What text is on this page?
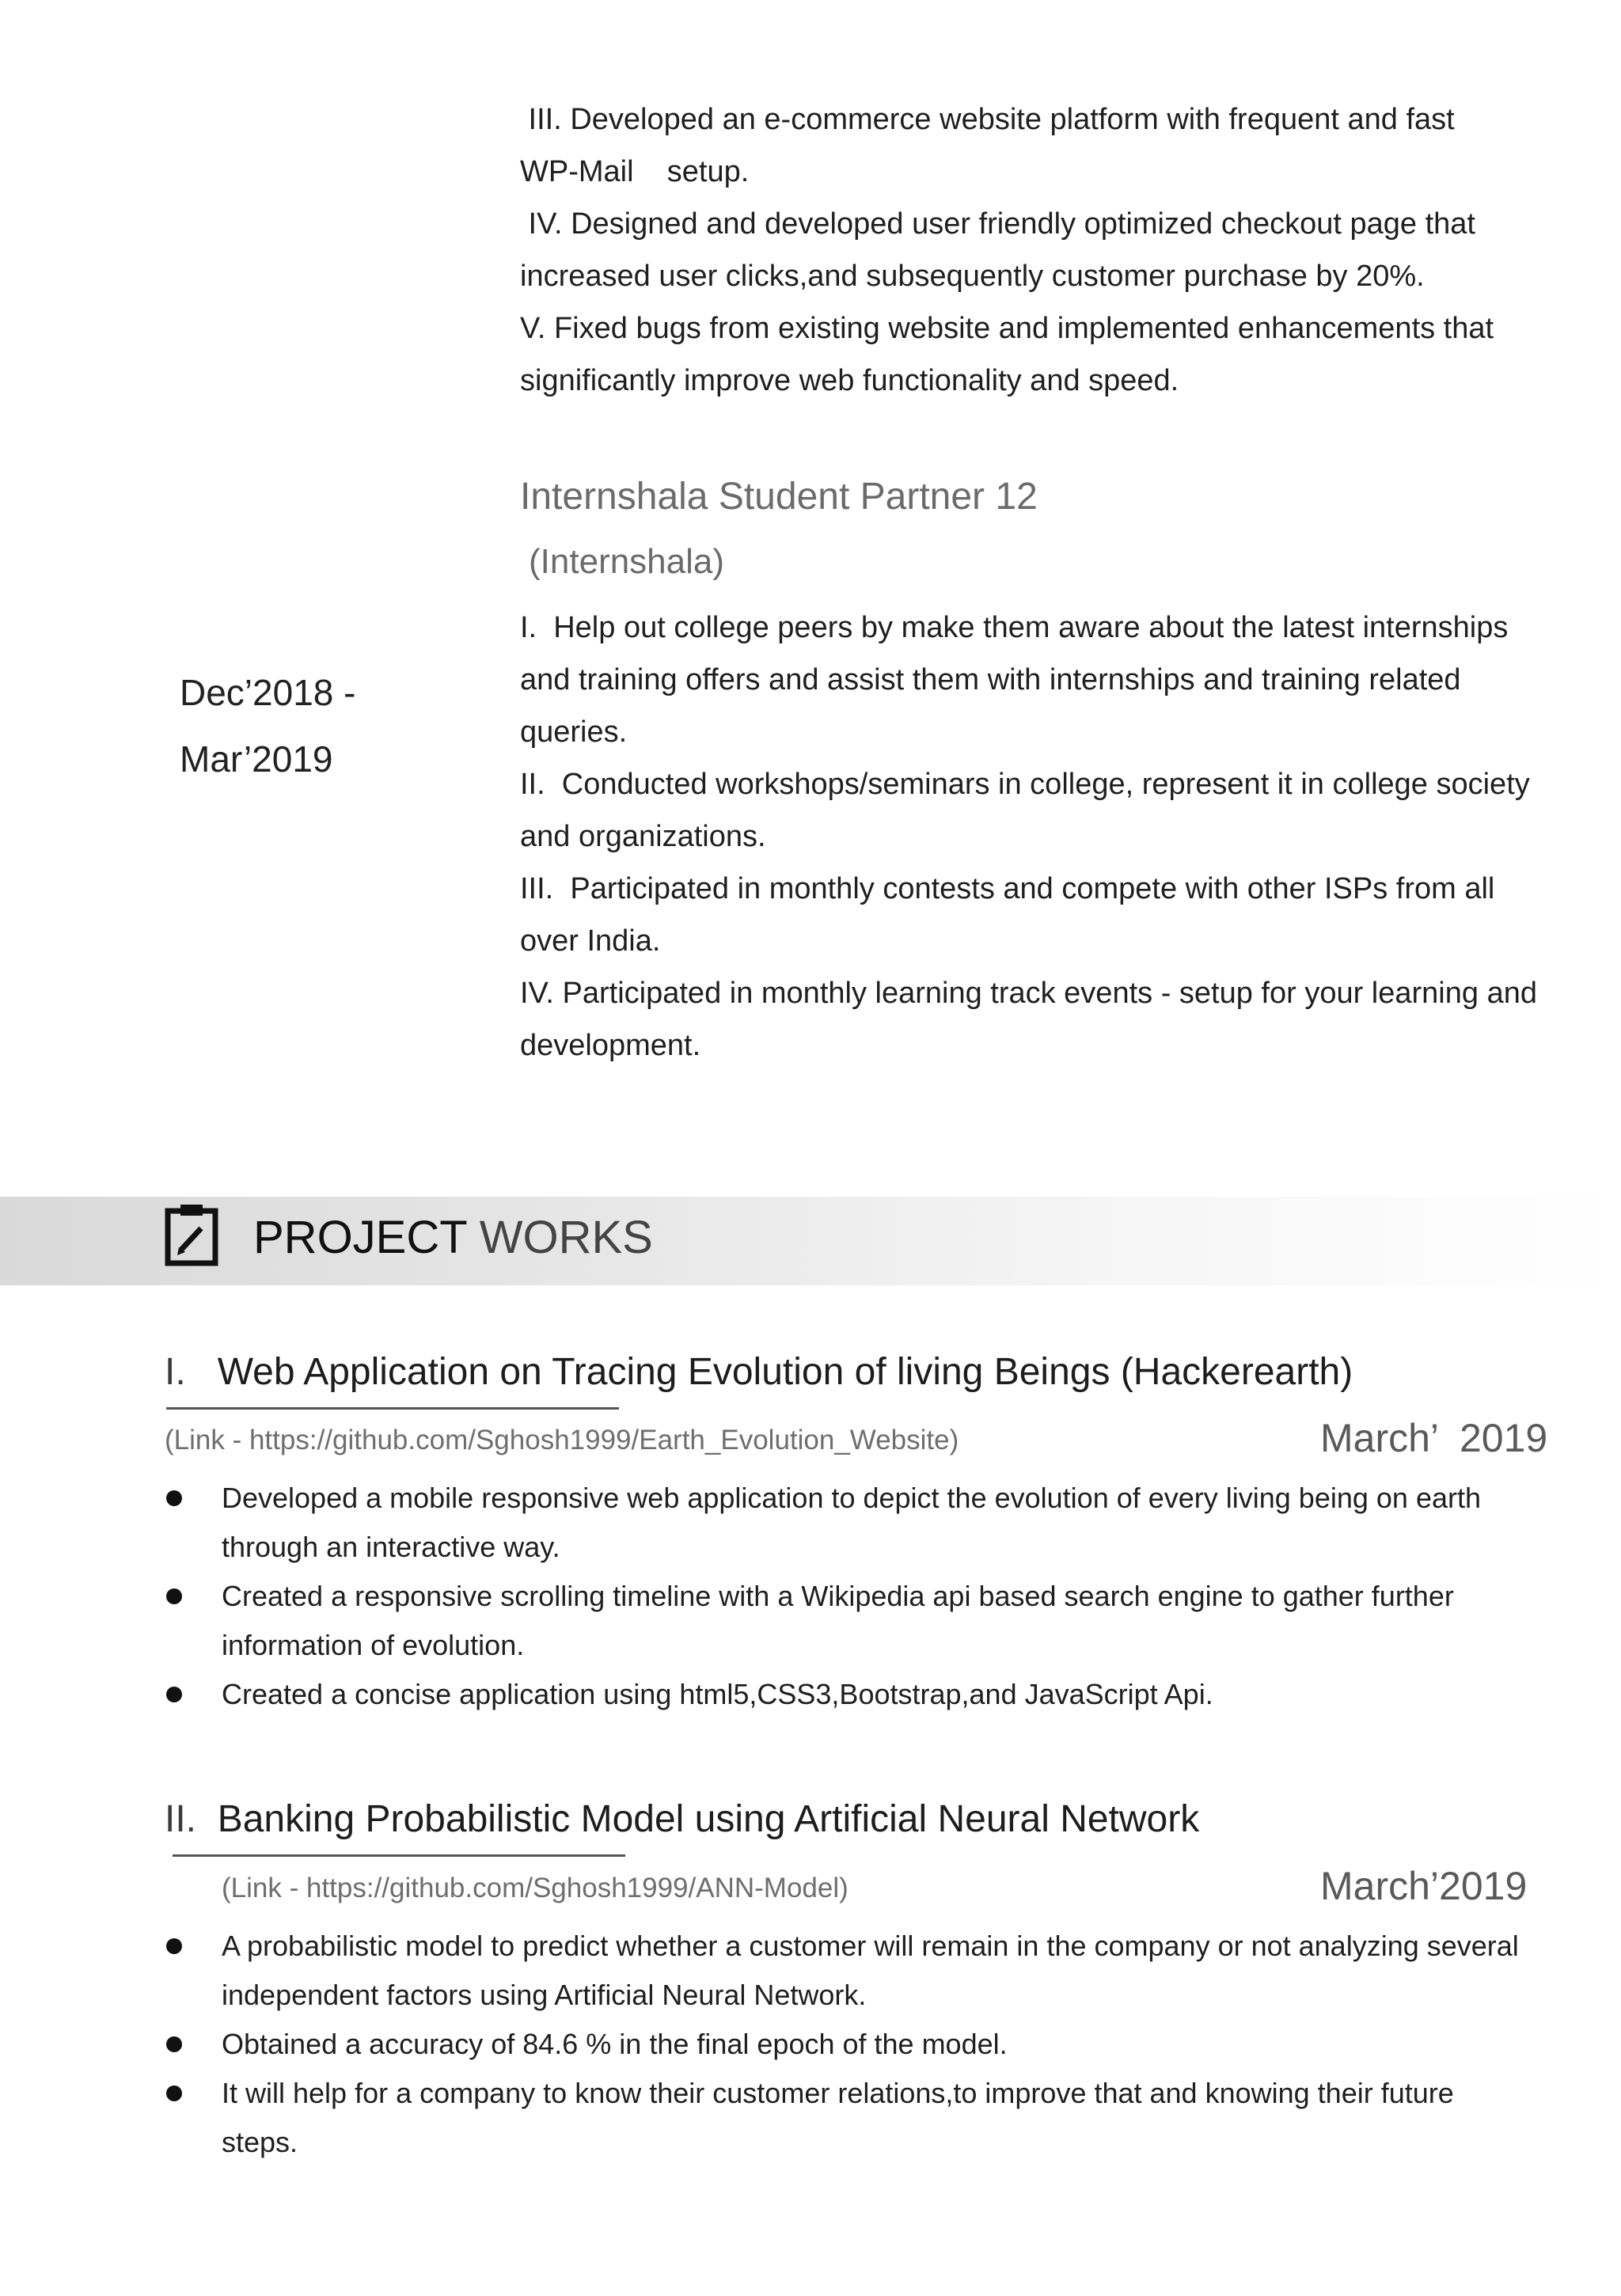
III. Developed an e-commerce website platform with frequent and fast
WP-Mail    setup.
IV. Designed and developed user friendly optimized checkout page that
increased user clicks,and subsequently customer purchase by 20%.
V. Fixed bugs from existing website and implemented enhancements that
significantly improve web functionality and speed.
Internshala Student Partner 12
(Internshala)
Dec’2018 -
Mar’2019
I.  Help out college peers by make them aware about the latest internships
and training offers and assist them with internships and training related
queries.
II.  Conducted workshops/seminars in college, represent it in college society
and organizations.
III.  Participated in monthly contests and compete with other ISPs from all
over India.
IV. Participated in monthly learning track events - setup for your learning and
development.
PROJECT WORKS
I. Web Application on Tracing Evolution of living Beings (Hackerearth)
(Link - https://github.com/Sghosh1999/Earth_Evolution_Website)	March’  2019
Developed a mobile responsive web application to depict the evolution of every living being on earth
through an interactive way.
Created a responsive scrolling timeline with a Wikipedia api based search engine to gather further
information of evolution.
Created a concise application using html5,CSS3,Bootstrap,and JavaScript Api.
II. Banking Probabilistic Model using Artificial Neural Network
(Link - https://github.com/Sghosh1999/ANN-Model)	March’2019
A probabilistic model to predict whether a customer will remain in the company or not analyzing several
independent factors using Artificial Neural Network.
Obtained a accuracy of 84.6 % in the final epoch of the model.
It will help for a company to know their customer relations,to improve that and knowing their future
steps.
